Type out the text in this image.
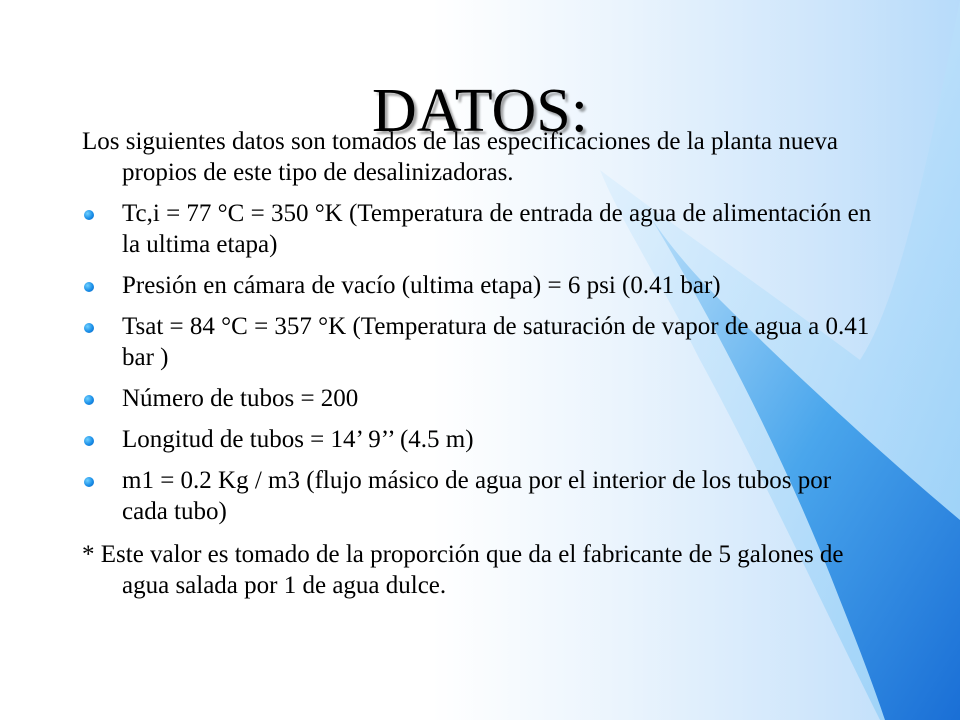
DATOS:

Los siguientes datos son tomados de las especificaciones de la planta nueva propios de este tipo de desalinizadoras.

Tc,i = 77 °C = 350 °K (Temperatura de entrada de agua de alimentación en la ultima etapa)
Presión en cámara de vacío (ultima etapa) = 6 psi (0.41 bar)
Tsat = 84 °C = 357 °K (Temperatura de saturación de vapor de agua a 0.41 bar )
Número de tubos = 200
Longitud de tubos = 14’ 9’’ (4.5 m)
m1 = 0.2 Kg / m3 (flujo másico de agua por el interior de los tubos por cada tubo)

* Este valor es tomado de la proporción que da el fabricante de 5 galones de agua salada por 1 de agua dulce.
